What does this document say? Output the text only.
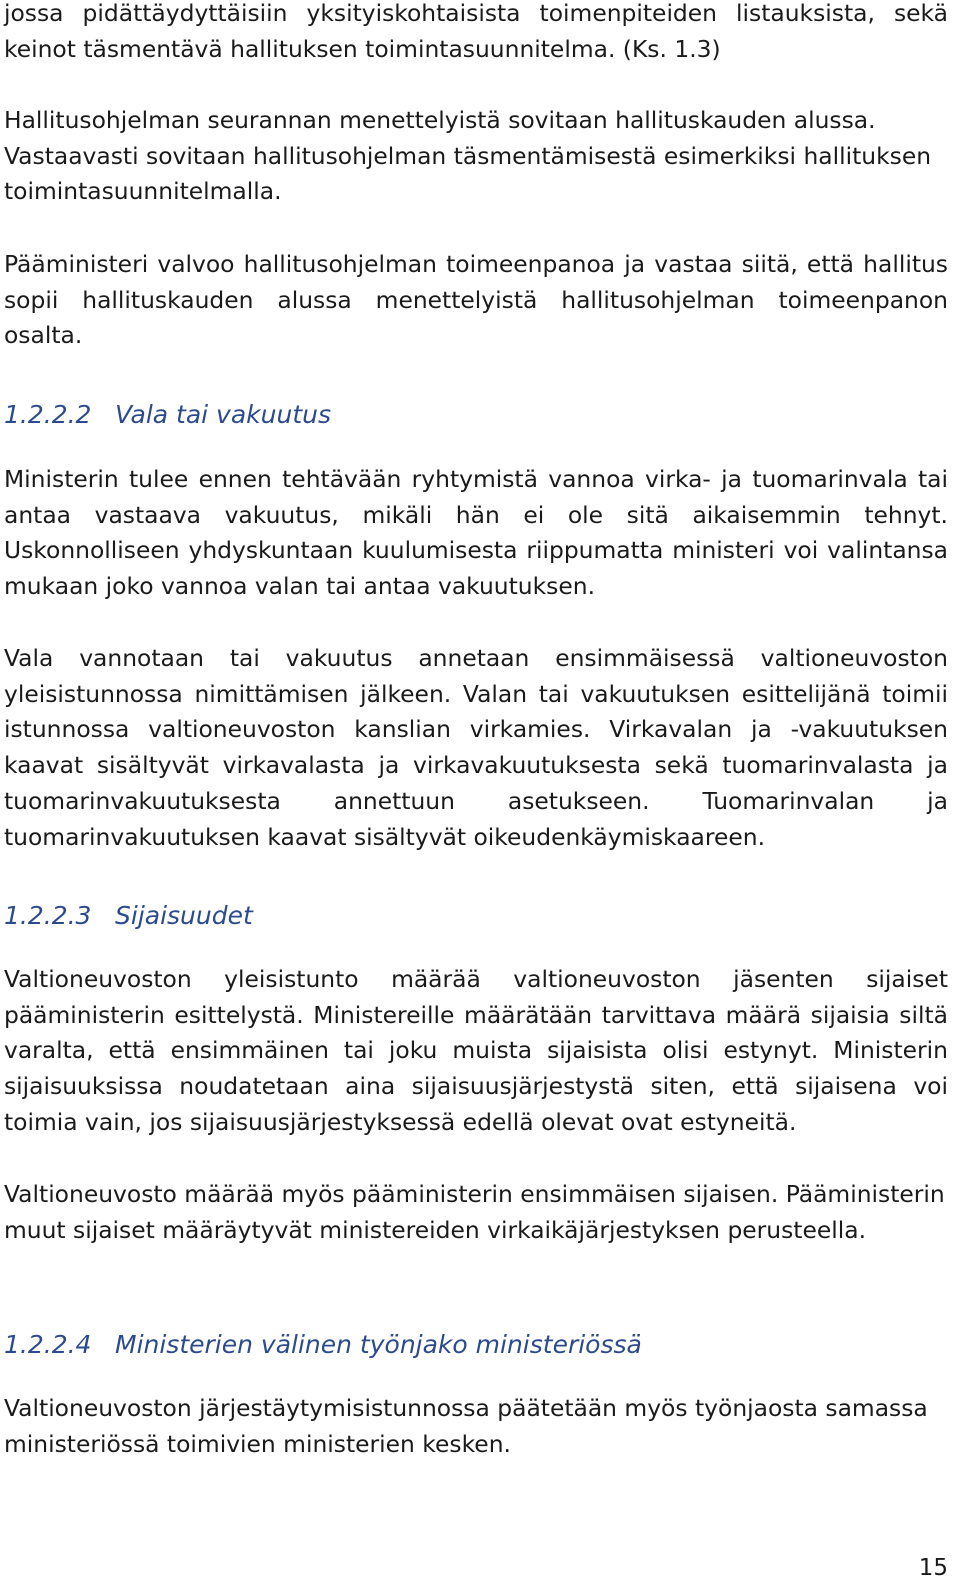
jossa pidättäydyttäisiin yksityiskohtaisista toimenpiteiden listauksista, sekä keinot täsmentävä hallituksen toimintasuunnitelma. (Ks. 1.3)

Hallitusohjelman seurannan menettelyistä sovitaan hallituskauden alussa. Vastaavasti sovitaan hallitusohjelman täsmentämisestä esimerkiksi hallituksen toimintasuunnitelmalla.

Pääministeri valvoo hallitusohjelman toimeenpanoa ja vastaa siitä, että hallitus sopii hallituskauden alussa menettelyistä hallitusohjelman toimeenpanon osalta.

1.2.2.2 Vala tai vakuutus

Ministerin tulee ennen tehtävään ryhtymistä vannoa virka- ja tuomarinvala tai antaa vastaava vakuutus, mikäli hän ei ole sitä aikaisemmin tehnyt. Uskonnolliseen yhdyskuntaan kuulumisesta riippumatta ministeri voi valintansa mukaan joko vannoa valan tai antaa vakuutuksen.

Vala vannotaan tai vakuutus annetaan ensimmäisessä valtioneuvoston yleisistunnossa nimittämisen jälkeen. Valan tai vakuutuksen esittelijänä toimii istunnossa valtioneuvoston kanslian virkamies. Virkavalan ja -vakuutuksen kaavat sisältyvät virkavalasta ja virkavakuutuksesta sekä tuomarinvalasta ja tuomarinvakuutuksesta annettuun asetukseen. Tuomarinvalan ja tuomarinvakuutuksen kaavat sisältyvät oikeudenkäymiskaareen.

1.2.2.3 Sijaisuudet

Valtioneuvoston yleisistunto määrää valtioneuvoston jäsenten sijaiset pääministerin esittelystä. Ministereille määrätään tarvittava määrä sijaisia siltä varalta, että ensimmäinen tai joku muista sijaisista olisi estynyt. Ministerin sijaisuuksissa noudatetaan aina sijaisuusjärjestystä siten, että sijaisena voi toimia vain, jos sijaisuusjärjestyksessä edellä olevat ovat estyneitä.

Valtioneuvosto määrää myös pääministerin ensimmäisen sijaisen. Pääministerin muut sijaiset määräytyvät ministereiden virkaikäjärjestyksen perusteella.

1.2.2.4 Ministerien välinen työnjako ministeriössä

Valtioneuvoston järjestäytymisistunnossa päätetään myös työnjaosta samassa ministeriössä toimivien ministerien kesken.

15
